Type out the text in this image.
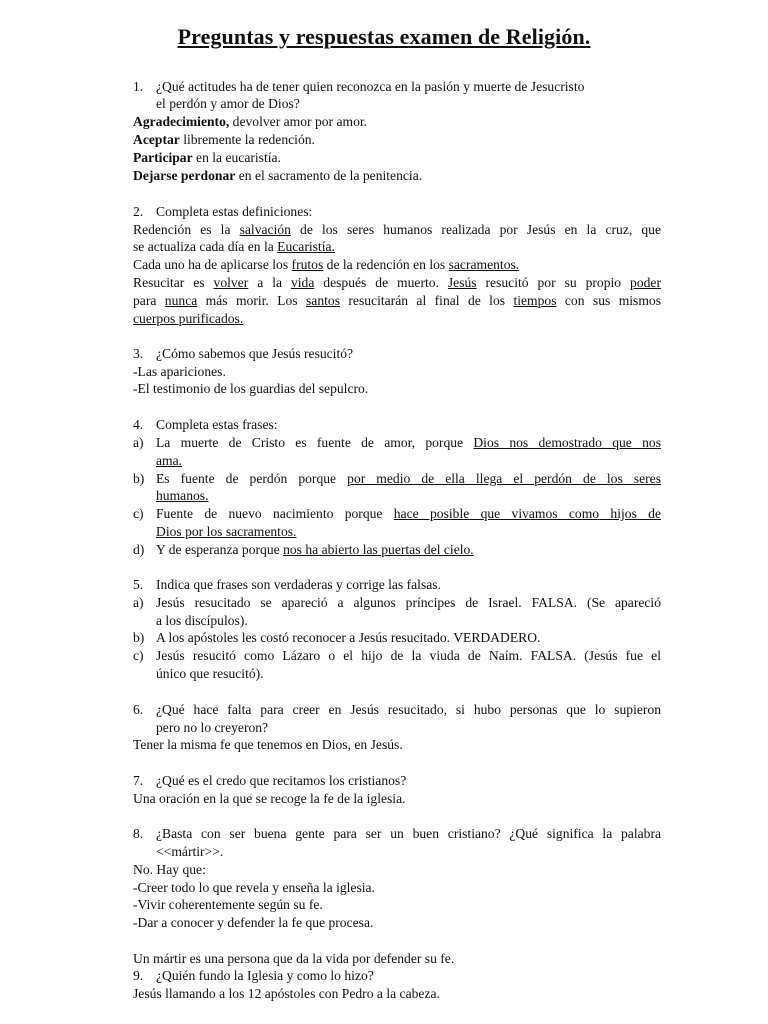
Preguntas y respuestas examen de Religión.
1. ¿Qué actitudes ha de tener quien reconozca en la pasión y muerte de Jesucristo
el perdón y amor de Dios?
Agradecimiento, devolver amor por amor.
Aceptar libremente la redención.
Participar en la eucaristía.
Dejarse perdonar en el sacramento de la penitencia.
2. Completa estas definiciones:
Redención es la salvación de los seres humanos realizada por Jesús en la cruz, que
se actualiza cada día en la Eucaristía.
Cada uno ha de aplicarse los frutos de la redención en los sacramentos.
Resucitar es volver a la vida después de muerto. Jesús resucitó por su propio poder
para nunca más morir. Los santos resucitarán al final de los tiempos con sus mismos
cuerpos purificados.
3. ¿Cómo sabemos que Jesús resucitó?
-Las apariciones.
-El testimonio de los guardias del sepulcro.
4. Completa estas frases:
a) La muerte de Cristo es fuente de amor, porque Dios nos demostrado que nos
ama.
b) Es fuente de perdón porque por medio de ella llega el perdón de los seres
humanos.
c) Fuente de nuevo nacimiento porque hace posible que vivamos como hijos de
Dios por los sacramentos.
d) Y de esperanza porque nos ha abierto las puertas del cielo.
5. Indica que frases son verdaderas y corrige las falsas.
a) Jesús resucitado se apareció a algunos príncipes de Israel. FALSA. (Se apareció
a los discípulos).
b) A los apóstoles les costó reconocer a Jesús resucitado. VERDADERO.
c) Jesús resucitó como Lázaro o el hijo de la viuda de Naím. FALSA. (Jesús fue el
único que resucitó).
6. ¿Qué hace falta para creer en Jesús resucitado, si hubo personas que lo supieron
pero no lo creyeron?
Tener la misma fe que tenemos en Dios, en Jesús.
7. ¿Qué es el credo que recitamos los cristianos?
Una oración en la que se recoge la fe de la iglesia.
8. ¿Basta con ser buena gente para ser un buen cristiano? ¿Qué significa la palabra
<<mártir>>.
No. Hay que:
-Creer todo lo que revela y enseña la iglesia.
-Vivir coherentemente según su fe.
-Dar a conocer y defender la fe que procesa.
Un mártir es una persona que da la vida por defender su fe.
9. ¿Quién fundo la Iglesia y como lo hizo?
Jesús llamando a los 12 apóstoles con Pedro a la cabeza.
